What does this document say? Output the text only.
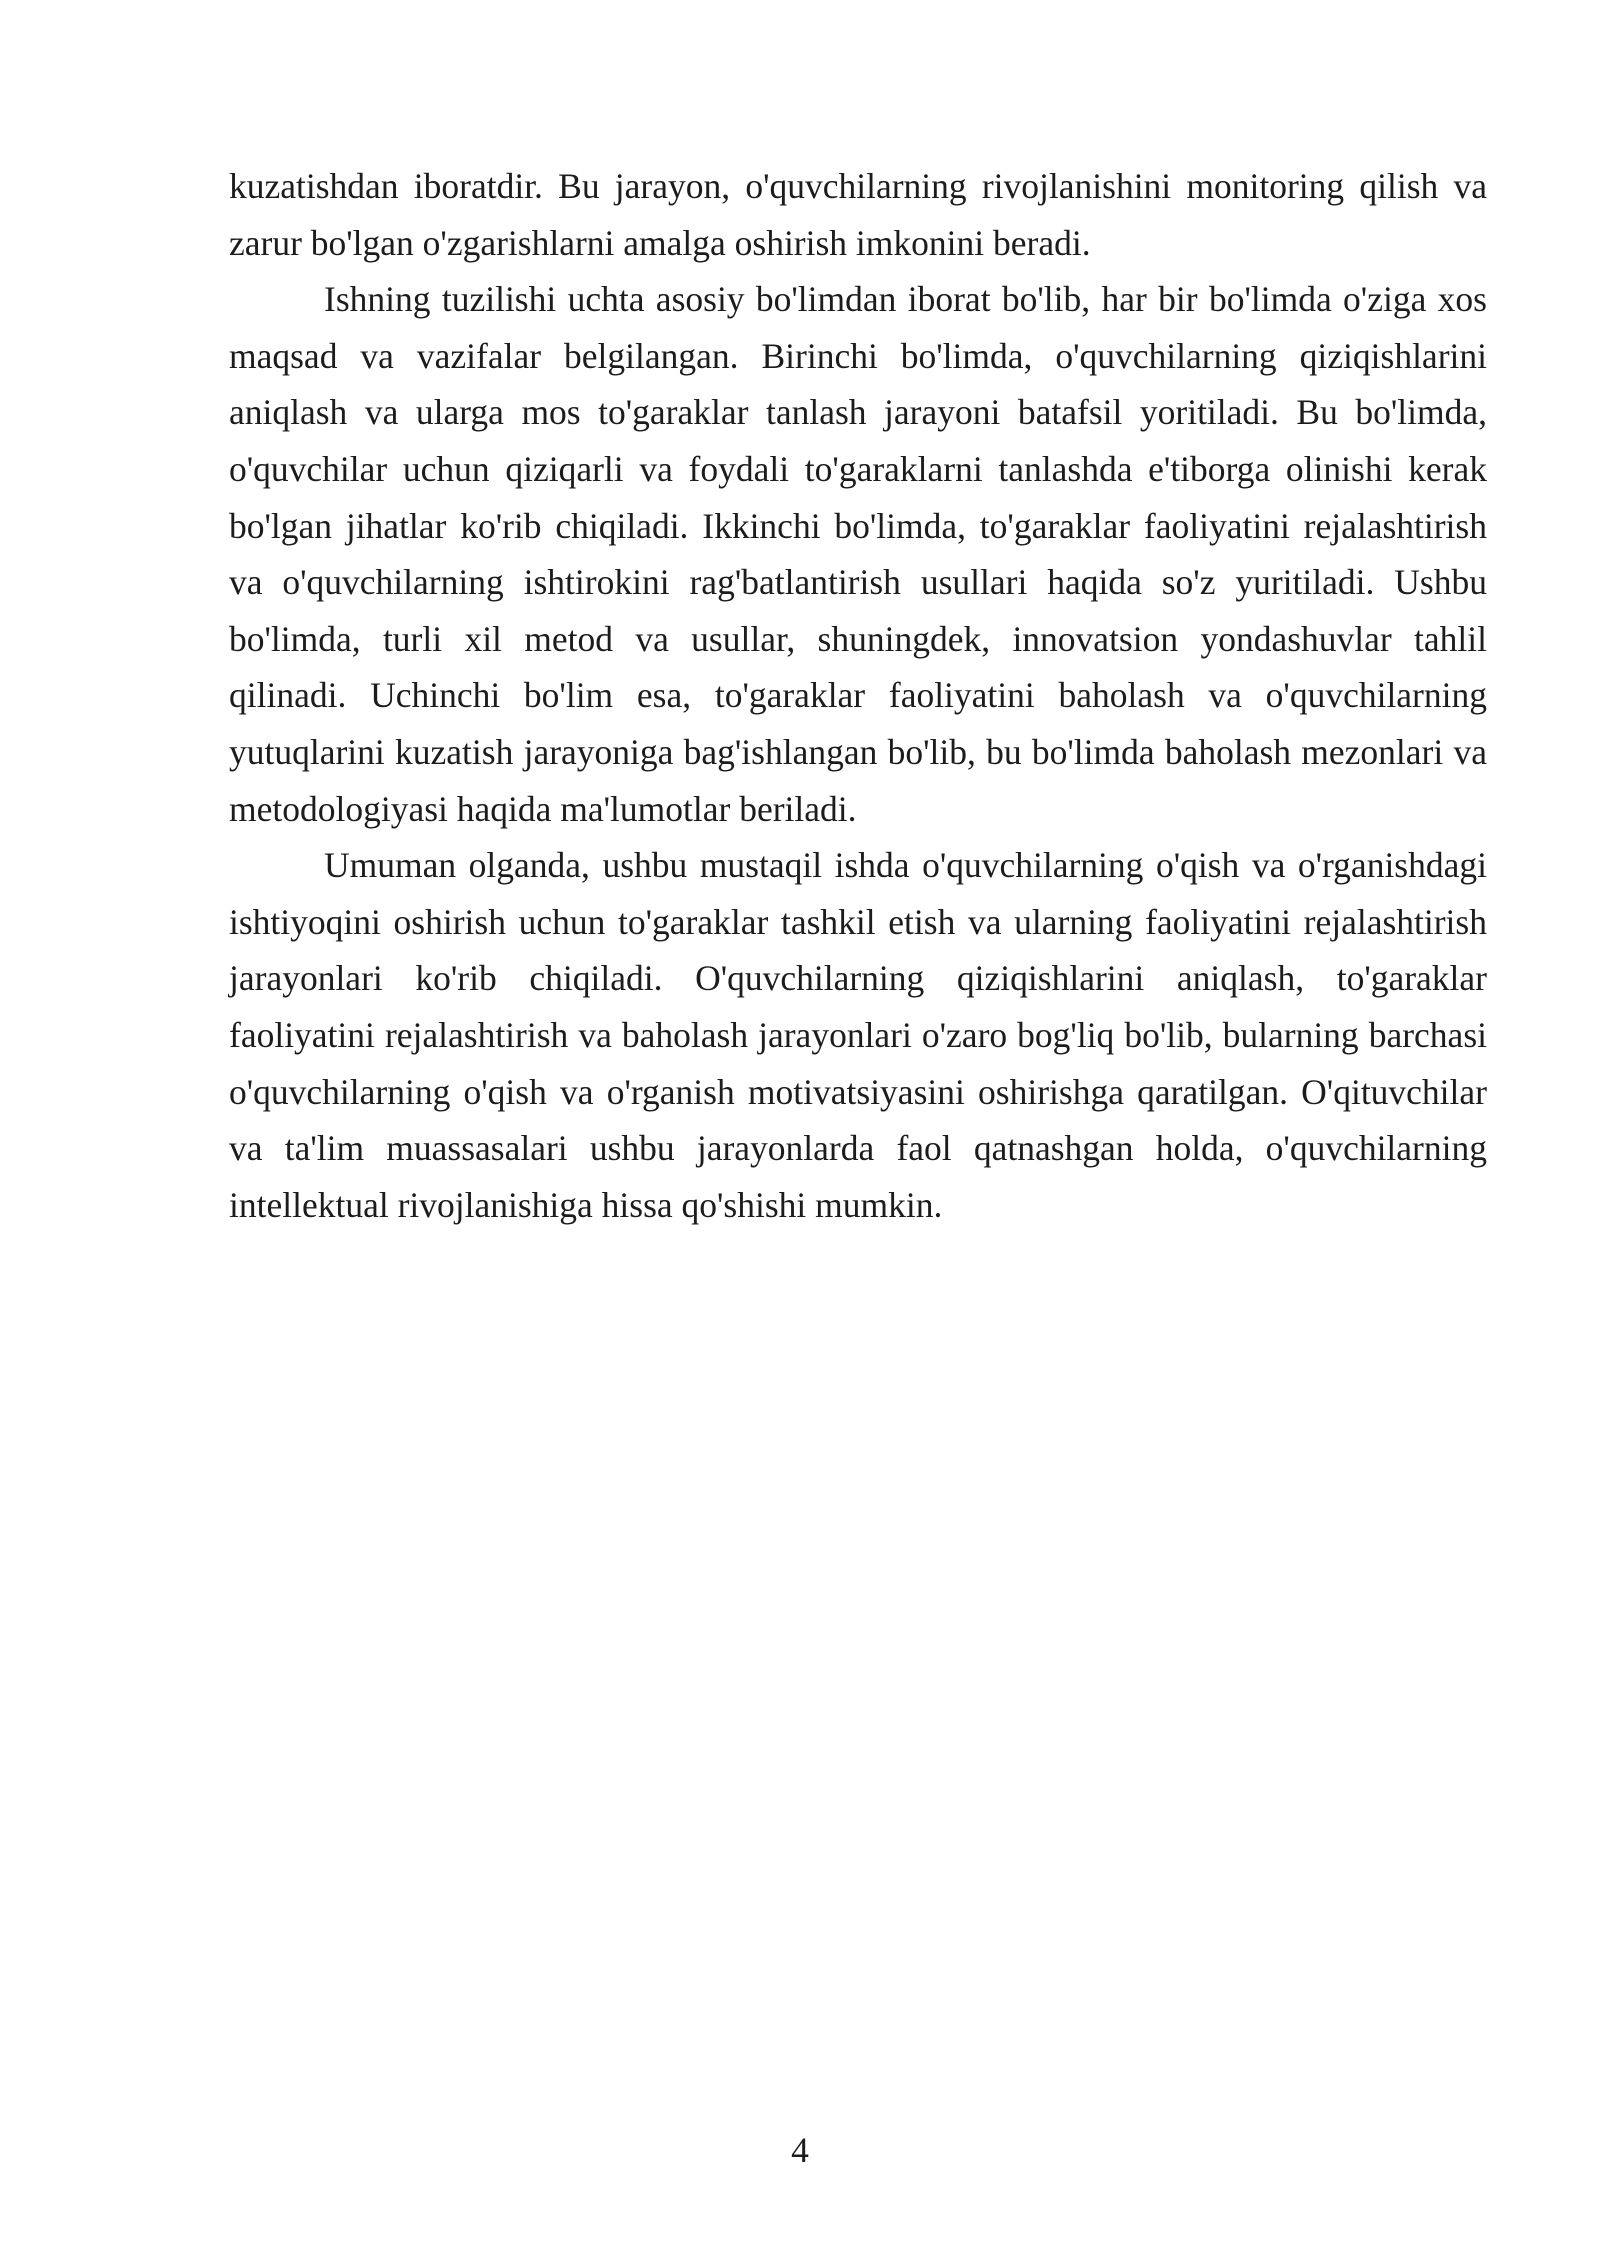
kuzatishdan iboratdir. Bu jarayon, o'quvchilarning rivojlanishini monitoring qilish va zarur bo'lgan o'zgarishlarni amalga oshirish imkonini beradi.

Ishning tuzilishi uchta asosiy bo'limdan iborat bo'lib, har bir bo'limda o'ziga xos maqsad va vazifalar belgilangan. Birinchi bo'limda, o'quvchilarning qiziqishlarini aniqlash va ularga mos to'garaklar tanlash jarayoni batafsil yoritiladi. Bu bo'limda, o'quvchilar uchun qiziqarli va foydali to'garaklarni tanlashda e'tiborga olinishi kerak bo'lgan jihatlar ko'rib chiqiladi. Ikkinchi bo'limda, to'garaklar faoliyatini rejalashtirish va o'quvchilarning ishtirokini rag'batlantirish usullari haqida so'z yuritiladi. Ushbu bo'limda, turli xil metod va usullar, shuningdek, innovatsion yondashuvlar tahlil qilinadi. Uchinchi bo'lim esa, to'garaklar faoliyatini baholash va o'quvchilarning yutuqlarini kuzatish jarayoniga bag'ishlangan bo'lib, bu bo'limda baholash mezonlari va metodologiyasi haqida ma'lumotlar beriladi.

Umuman olganda, ushbu mustaqil ishda o'quvchilarning o'qish va o'rganishdagi ishtiyoqini oshirish uchun to'garaklar tashkil etish va ularning faoliyatini rejalashtirish jarayonlari ko'rib chiqiladi. O'quvchilarning qiziqishlarini aniqlash, to'garaklar faoliyatini rejalashtirish va baholash jarayonlari o'zaro bog'liq bo'lib, bularning barchasi o'quvchilarning o'qish va o'rganish motivatsiyasini oshirishga qaratilgan. O'qituvchilar va ta'lim muassasalari ushbu jarayonlarda faol qatnashgan holda, o'quvchilarning intellektual rivojlanishiga hissa qo'shishi mumkin.

4
